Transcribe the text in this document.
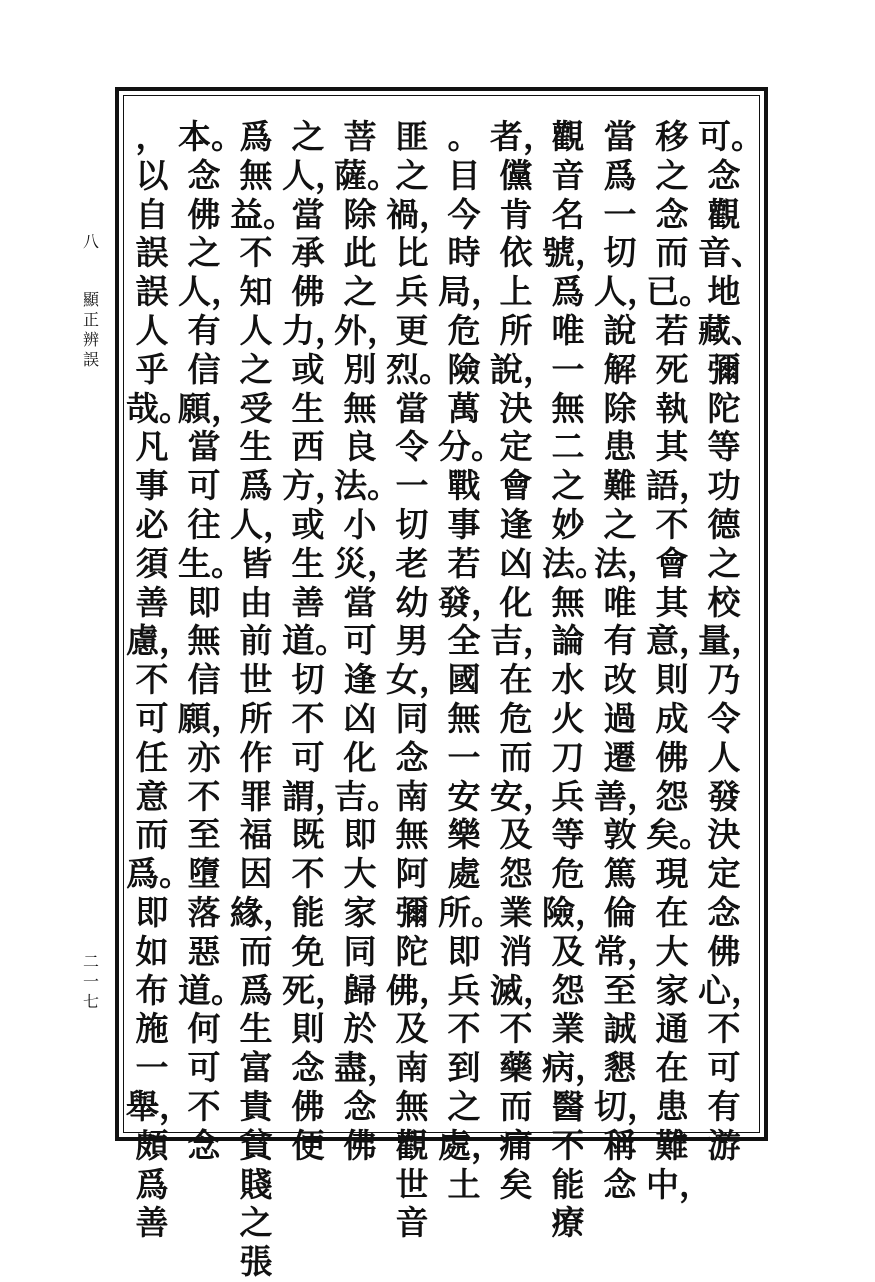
八
顯正辨誤
二一七
可。念觀音、地藏、彌陀等功德之校量，乃令人發決定念佛心，不可有游
移之念而已。若死執其語，不會其意，則成佛怨矣。現在大家通在患難中，
當爲一切人，說解除患難之法，唯有改過遷善，敦篤倫常，至誠懇切，稱念
觀音名號，爲唯一無二之妙法。無論水火刀兵等危險，及怨業病，醫不能療
者，儻肯依上所說，決定會逢凶化吉，在危而安，及怨業消滅，不藥而痛矣
。目今時局，危險萬分。戰事若發，全國無一安樂處所。即兵不到之處，土
匪之禍，比兵更烈。當令一切老幼男女，同念南無阿彌陀佛，及南無觀世音
菩薩。除此之外，別無良法。小災，當可逢凶化吉。即大家同歸於盡，念佛
之人，當承佛力，或生西方，或生善道。切不可謂，既不能免死，則念佛便
爲無益。不知人之受生爲人，皆由前世所作罪福因緣，而爲生富貴貧賤之張
本。念佛之人，有信願，當可往生。即無信願，亦不至墮落惡道。何可不念
，以自誤誤人乎哉。凡事必須善慮，不可任意而爲。即如布施一舉，頗爲善
